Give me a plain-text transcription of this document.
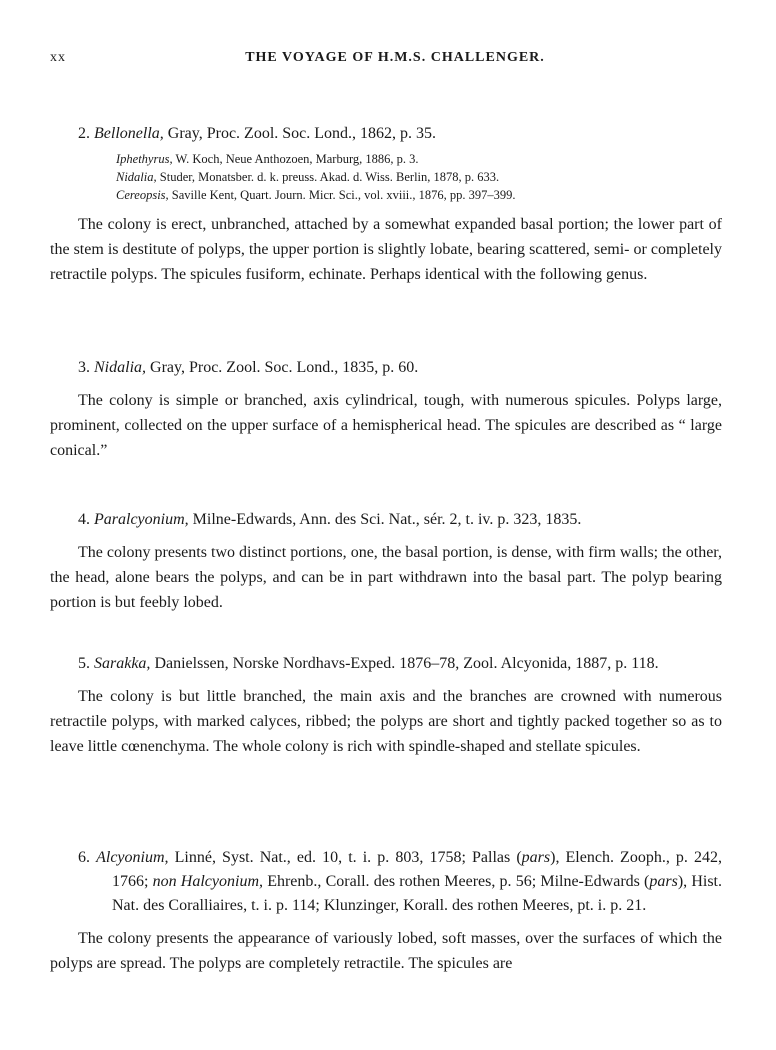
xx	THE VOYAGE OF H.M.S. CHALLENGER.
2. Bellonella, Gray, Proc. Zool. Soc. Lond., 1862, p. 35.
Iphethyrus, W. Koch, Neue Anthozoen, Marburg, 1886, p. 3.
Nidalia, Studer, Monatsber. d. k. preuss. Akad. d. Wiss. Berlin, 1878, p. 633.
Cereopsis, Saville Kent, Quart. Journ. Micr. Sci., vol. xviii., 1876, pp. 397–399.
The colony is erect, unbranched, attached by a somewhat expanded basal portion; the lower part of the stem is destitute of polyps, the upper portion is slightly lobate, bearing scattered, semi- or completely retractile polyps. The spicules fusiform, echinate. Perhaps identical with the following genus.
3. Nidalia, Gray, Proc. Zool. Soc. Lond., 1835, p. 60.
The colony is simple or branched, axis cylindrical, tough, with numerous spicules. Polyps large, prominent, collected on the upper surface of a hemispherical head. The spicules are described as “ large conical.”
4. Paralcyonium, Milne-Edwards, Ann. des Sci. Nat., sér. 2, t. iv. p. 323, 1835.
The colony presents two distinct portions, one, the basal portion, is dense, with firm walls; the other, the head, alone bears the polyps, and can be in part withdrawn into the basal part. The polyp bearing portion is but feebly lobed.
5. Sarakka, Danielssen, Norske Nordhavs-Exped. 1876–78, Zool. Alcyonida, 1887, p. 118.
The colony is but little branched, the main axis and the branches are crowned with numerous retractile polyps, with marked calyces, ribbed; the polyps are short and tightly packed together so as to leave little cœnenchyma. The whole colony is rich with spindle-shaped and stellate spicules.
6. Alcyonium, Linné, Syst. Nat., ed. 10, t. i. p. 803, 1758; Pallas (pars), Elench. Zooph., p. 242, 1766; non Halcyonium, Ehrenb., Corall. des rothen Meeres, p. 56; Milne-Edwards (pars), Hist. Nat. des Coralliaires, t. i. p. 114; Klunzinger, Korall. des rothen Meeres, pt. i. p. 21.
The colony presents the appearance of variously lobed, soft masses, over the surfaces of which the polyps are spread. The polyps are completely retractile. The spicules are
